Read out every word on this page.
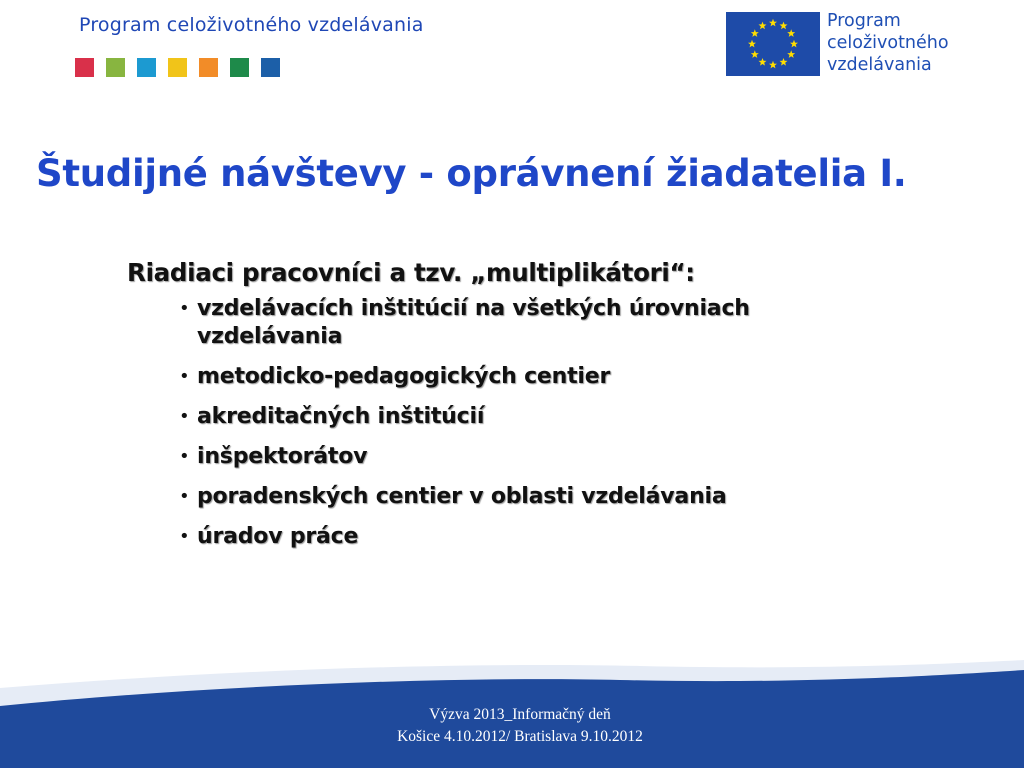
Program celoživotného vzdelávania	Program
celoživotného
vzdelávania
Študijné návštevy - oprávnení žiadatelia I.
Riadiaci pracovníci a tzv. „multiplikátori“:
• vzdelávacích inštitúcií na všetkých úrovniach vzdelávania
• metodicko-pedagogických centier
• akreditačných inštitúcií
• inšpektorátov
• poradenských centier v oblasti vzdelávania
• úradov práce
Výzva 2013_Informačný deň
Košice 4.10.2012/ Bratislava 9.10.2012
